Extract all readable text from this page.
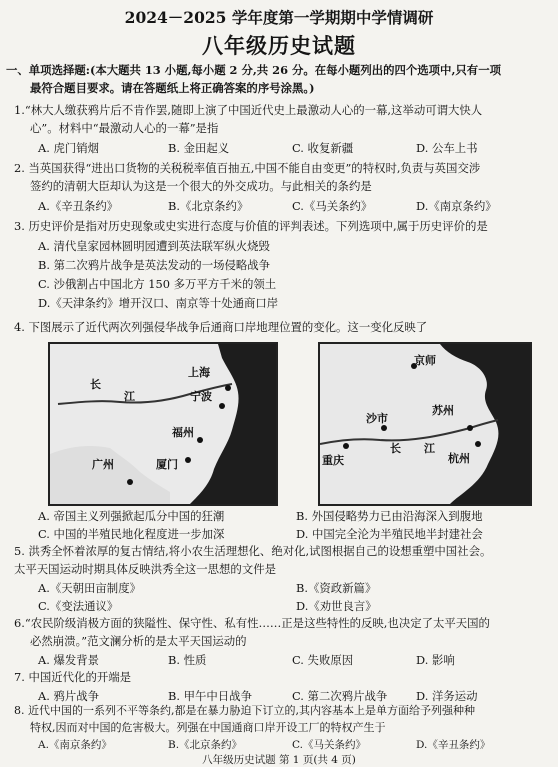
2024－2025 学年度第一学期期中学情调研
八年级历史试题
一、单项选择题:(本大题共 13 小题,每小题 2 分,共 26 分。在每小题列出的四个选项中,只有一项
最符合题目要求。请在答题纸上将正确答案的序号涂黑。)
1.“林大人缴获鸦片后不肯作罢,随即上演了中国近代史上最激动人心的一幕,这举动可谓大快人
心”。材料中“最激动人心的一幕”是指
A. 虎门销烟	B. 金田起义	C. 收复新疆	D. 公车上书
2. 当英国获得“进出口货物的关税税率值百抽五,中国不能自由变更”的特权时,负责与英国交涉
签约的清朝大臣却认为这是一个很大的外交成功。与此相关的条约是
A.《辛丑条约》	B.《北京条约》	C.《马关条约》	D.《南京条约》
3. 历史评价是指对历史现象或史实进行态度与价值的评判表述。下列选项中,属于历史评价的是
A. 清代皇家园林圆明园遭到英法联军纵火烧毁
B. 第二次鸦片战争是英法发动的一场侵略战争
C. 沙俄割占中国北方 150 多万平方千米的领土
D.《天津条约》增开汉口、南京等十处通商口岸
4. 下图展示了近代两次列强侵华战争后通商口岸地理位置的变化。这一变化反映了
长
江
上海
宁波
福州
厦门
广州
京师
沙市
苏州
重庆
长 江
杭州
A. 帝国主义列强掀起瓜分中国的狂潮	B. 外国侵略势力已由沿海深入到腹地
C. 中国的半殖民地化程度进一步加深	D. 中国完全沦为半殖民地半封建社会
5. 洪秀全怀着浓厚的复古情结,将小农生活理想化、绝对化,试图根据自己的设想重塑中国社会。
太平天国运动时期具体反映洪秀全这一思想的文件是
A.《天朝田亩制度》	B.《资政新篇》
C.《变法通议》	D.《劝世良言》
6.“农民阶级消极方面的狭隘性、保守性、私有性……正是这些特性的反映,也决定了太平天国的
必然崩溃。”范文澜分析的是太平天国运动的
A. 爆发背景	B. 性质	C. 失败原因	D. 影响
7. 中国近代化的开端是
A. 鸦片战争	B. 甲午中日战争	C. 第二次鸦片战争	D. 洋务运动
8. 近代中国的一系列不平等条约,都是在暴力胁迫下订立的,其内容基本上是单方面给予列强种种
特权,因而对中国的危害极大。列强在中国通商口岸开设工厂的特权产生于
A.《南京条约》	B.《北京条约》	C.《马关条约》	D.《辛丑条约》
八年级历史试题 第 1 页(共 4 页)
